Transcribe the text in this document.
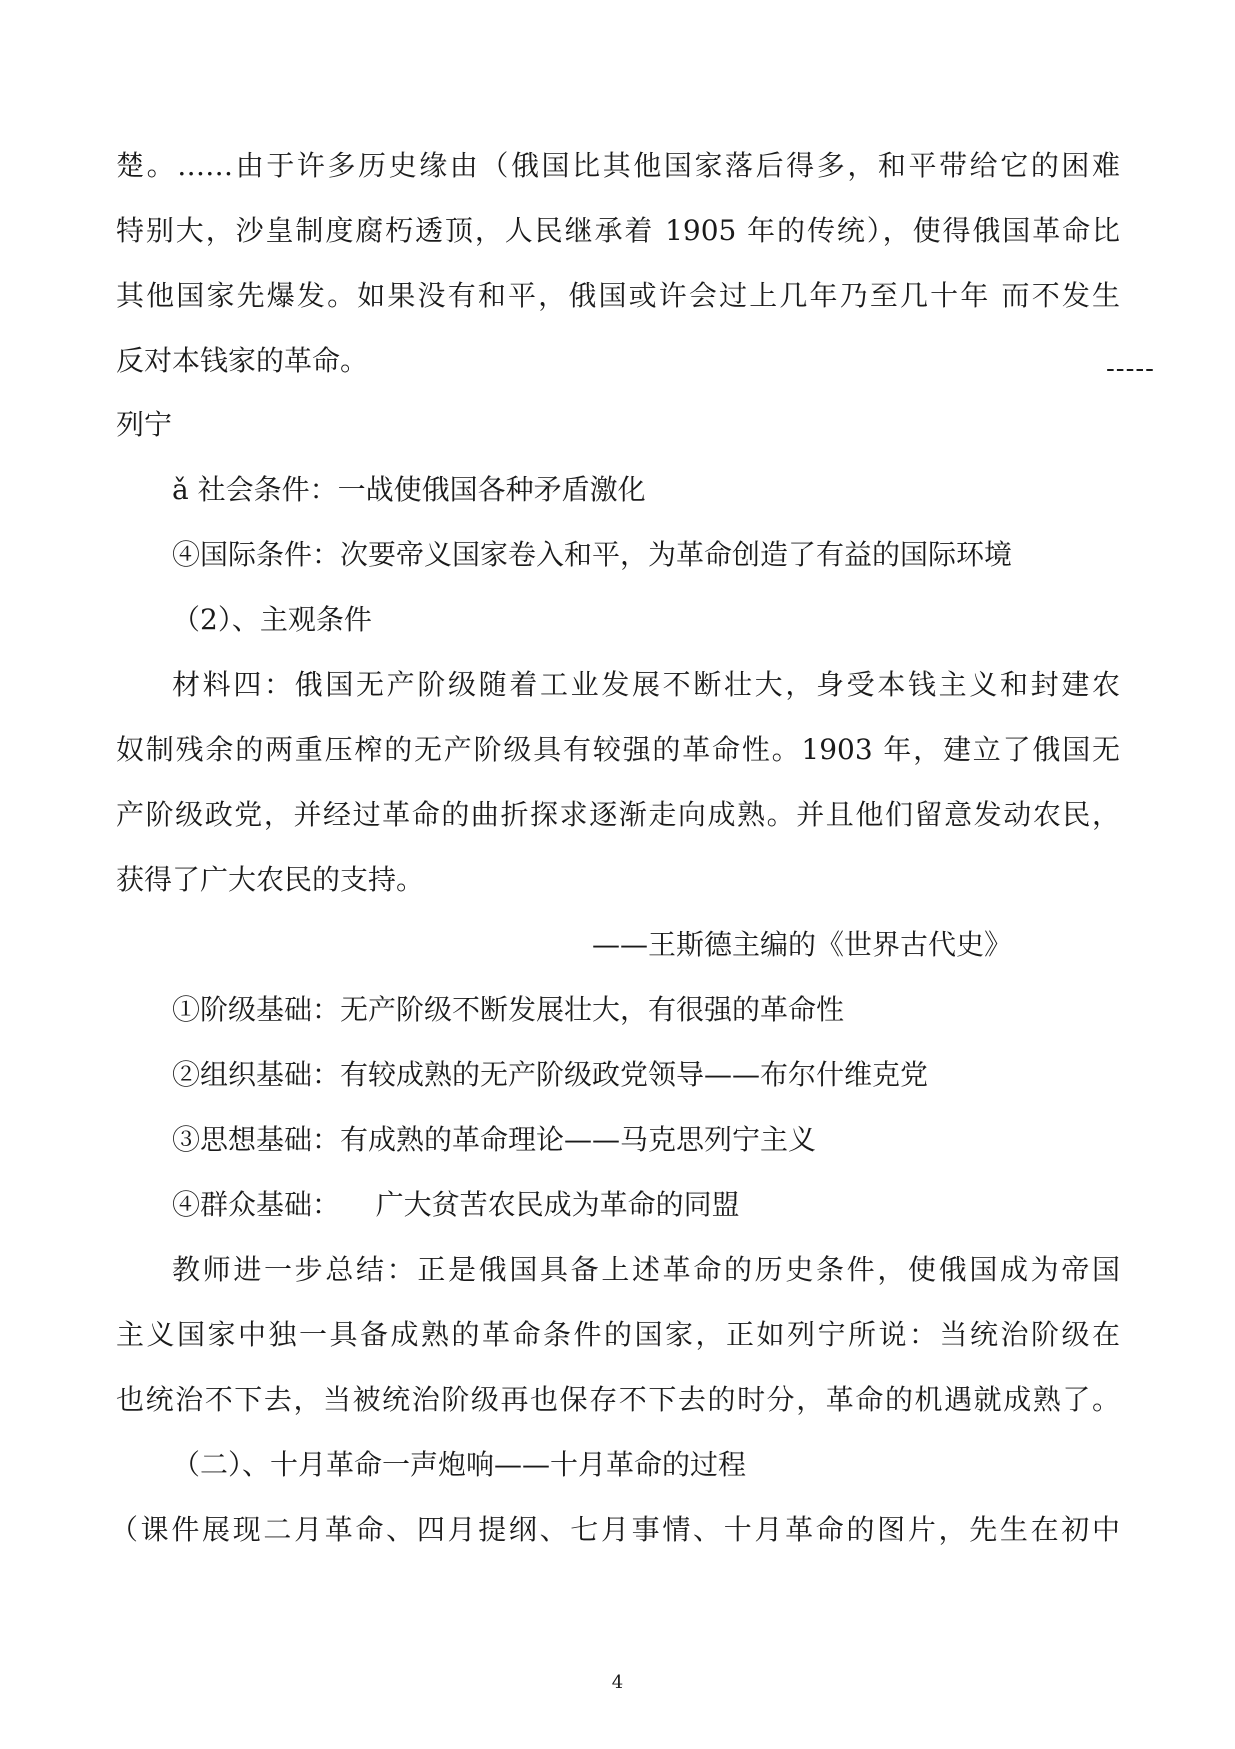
楚。……由于许多历史缘由（俄国比其他国家落后得多，和平带给它的困难
特别大，沙皇制度腐朽透顶，人民继承着 1905 年的传统），使得俄国革命比
其他国家先爆发。如果没有和平，俄国或许会过上几年乃至几十年 而不发生
反对本钱家的革命。	-----
列宁
ǎ 社会条件：一战使俄国各种矛盾激化
④国际条件：次要帝义国家卷入和平，为革命创造了有益的国际环境
（2）、主观条件
材料四：俄国无产阶级随着工业发展不断壮大，身受本钱主义和封建农
奴制残余的两重压榨的无产阶级具有较强的革命性。1903 年，建立了俄国无
产阶级政党，并经过革命的曲折探求逐渐走向成熟。并且他们留意发动农民，
获得了广大农民的支持。
——王斯德主编的《世界古代史》
①阶级基础：无产阶级不断发展壮大，有很强的革命性
②组织基础：有较成熟的无产阶级政党领导——布尔什维克党
③思想基础：有成熟的革命理论——马克思列宁主义
④群众基础：    广大贫苦农民成为革命的同盟
教师进一步总结：正是俄国具备上述革命的历史条件，使俄国成为帝国
主义国家中独一具备成熟的革命条件的国家，正如列宁所说：当统治阶级在
也统治不下去，当被统治阶级再也保存不下去的时分，革命的机遇就成熟了。
（二）、十月革命一声炮响——十月革命的过程
（课件展现二月革命、四月提纲、七月事情、十月革命的图片，先生在初中
4
